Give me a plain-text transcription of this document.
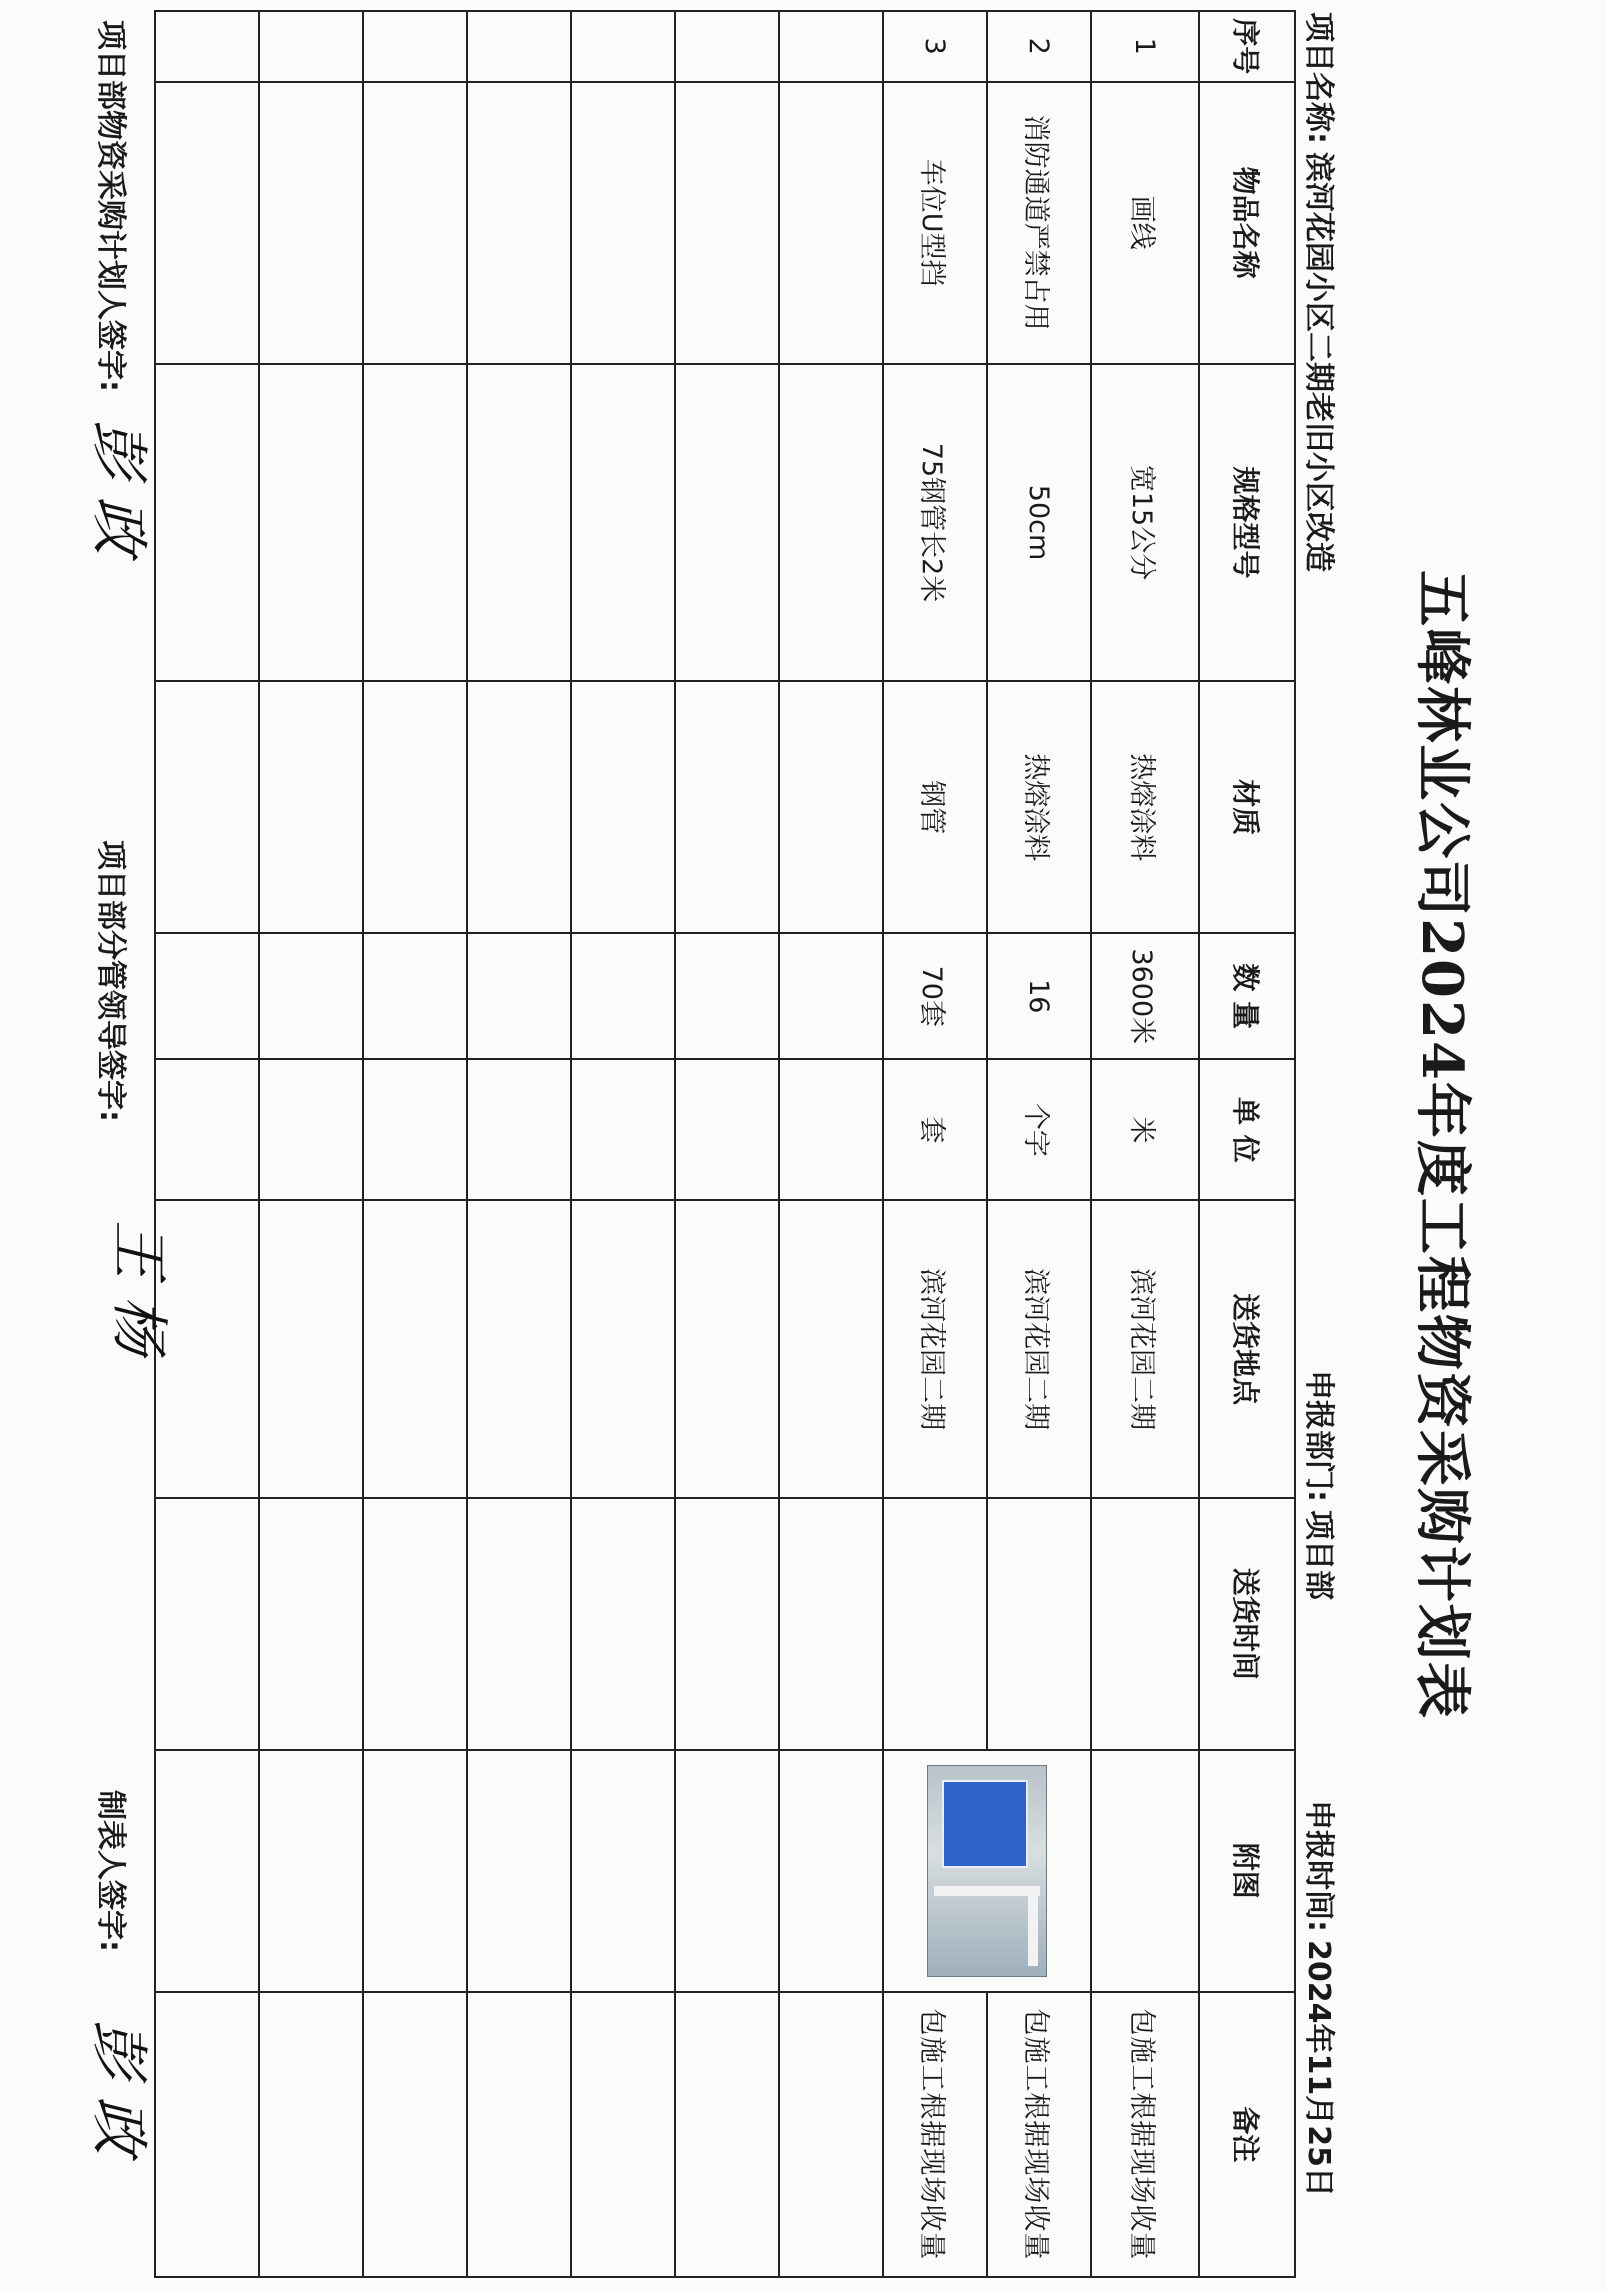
五峰林业公司2024年度工程物资采购计划表
项目名称:滨河花园小区二期老旧小区改造
申报部门:项目部
申报时间:2024年11月25日
序号	物品名称	规格型号	材质	数 量	单 位	送货地点	送货时间	附图	备注
1	画线	宽15公分	热熔涂料	3600米	米	滨河花园二期			包施工根据现场收量
2	消防通道严禁占用	50cm	热熔涂料	16	个字	滨河花园二期			包施工根据现场收量
3	车位U型挡	75钢管长2米	钢管	70套	套	滨河花园二期			包施工根据现场收量

项目部物资采购计划人签字:
彭 政
项目部分管领导签字:
王 杨
制表人签字:
彭 政
